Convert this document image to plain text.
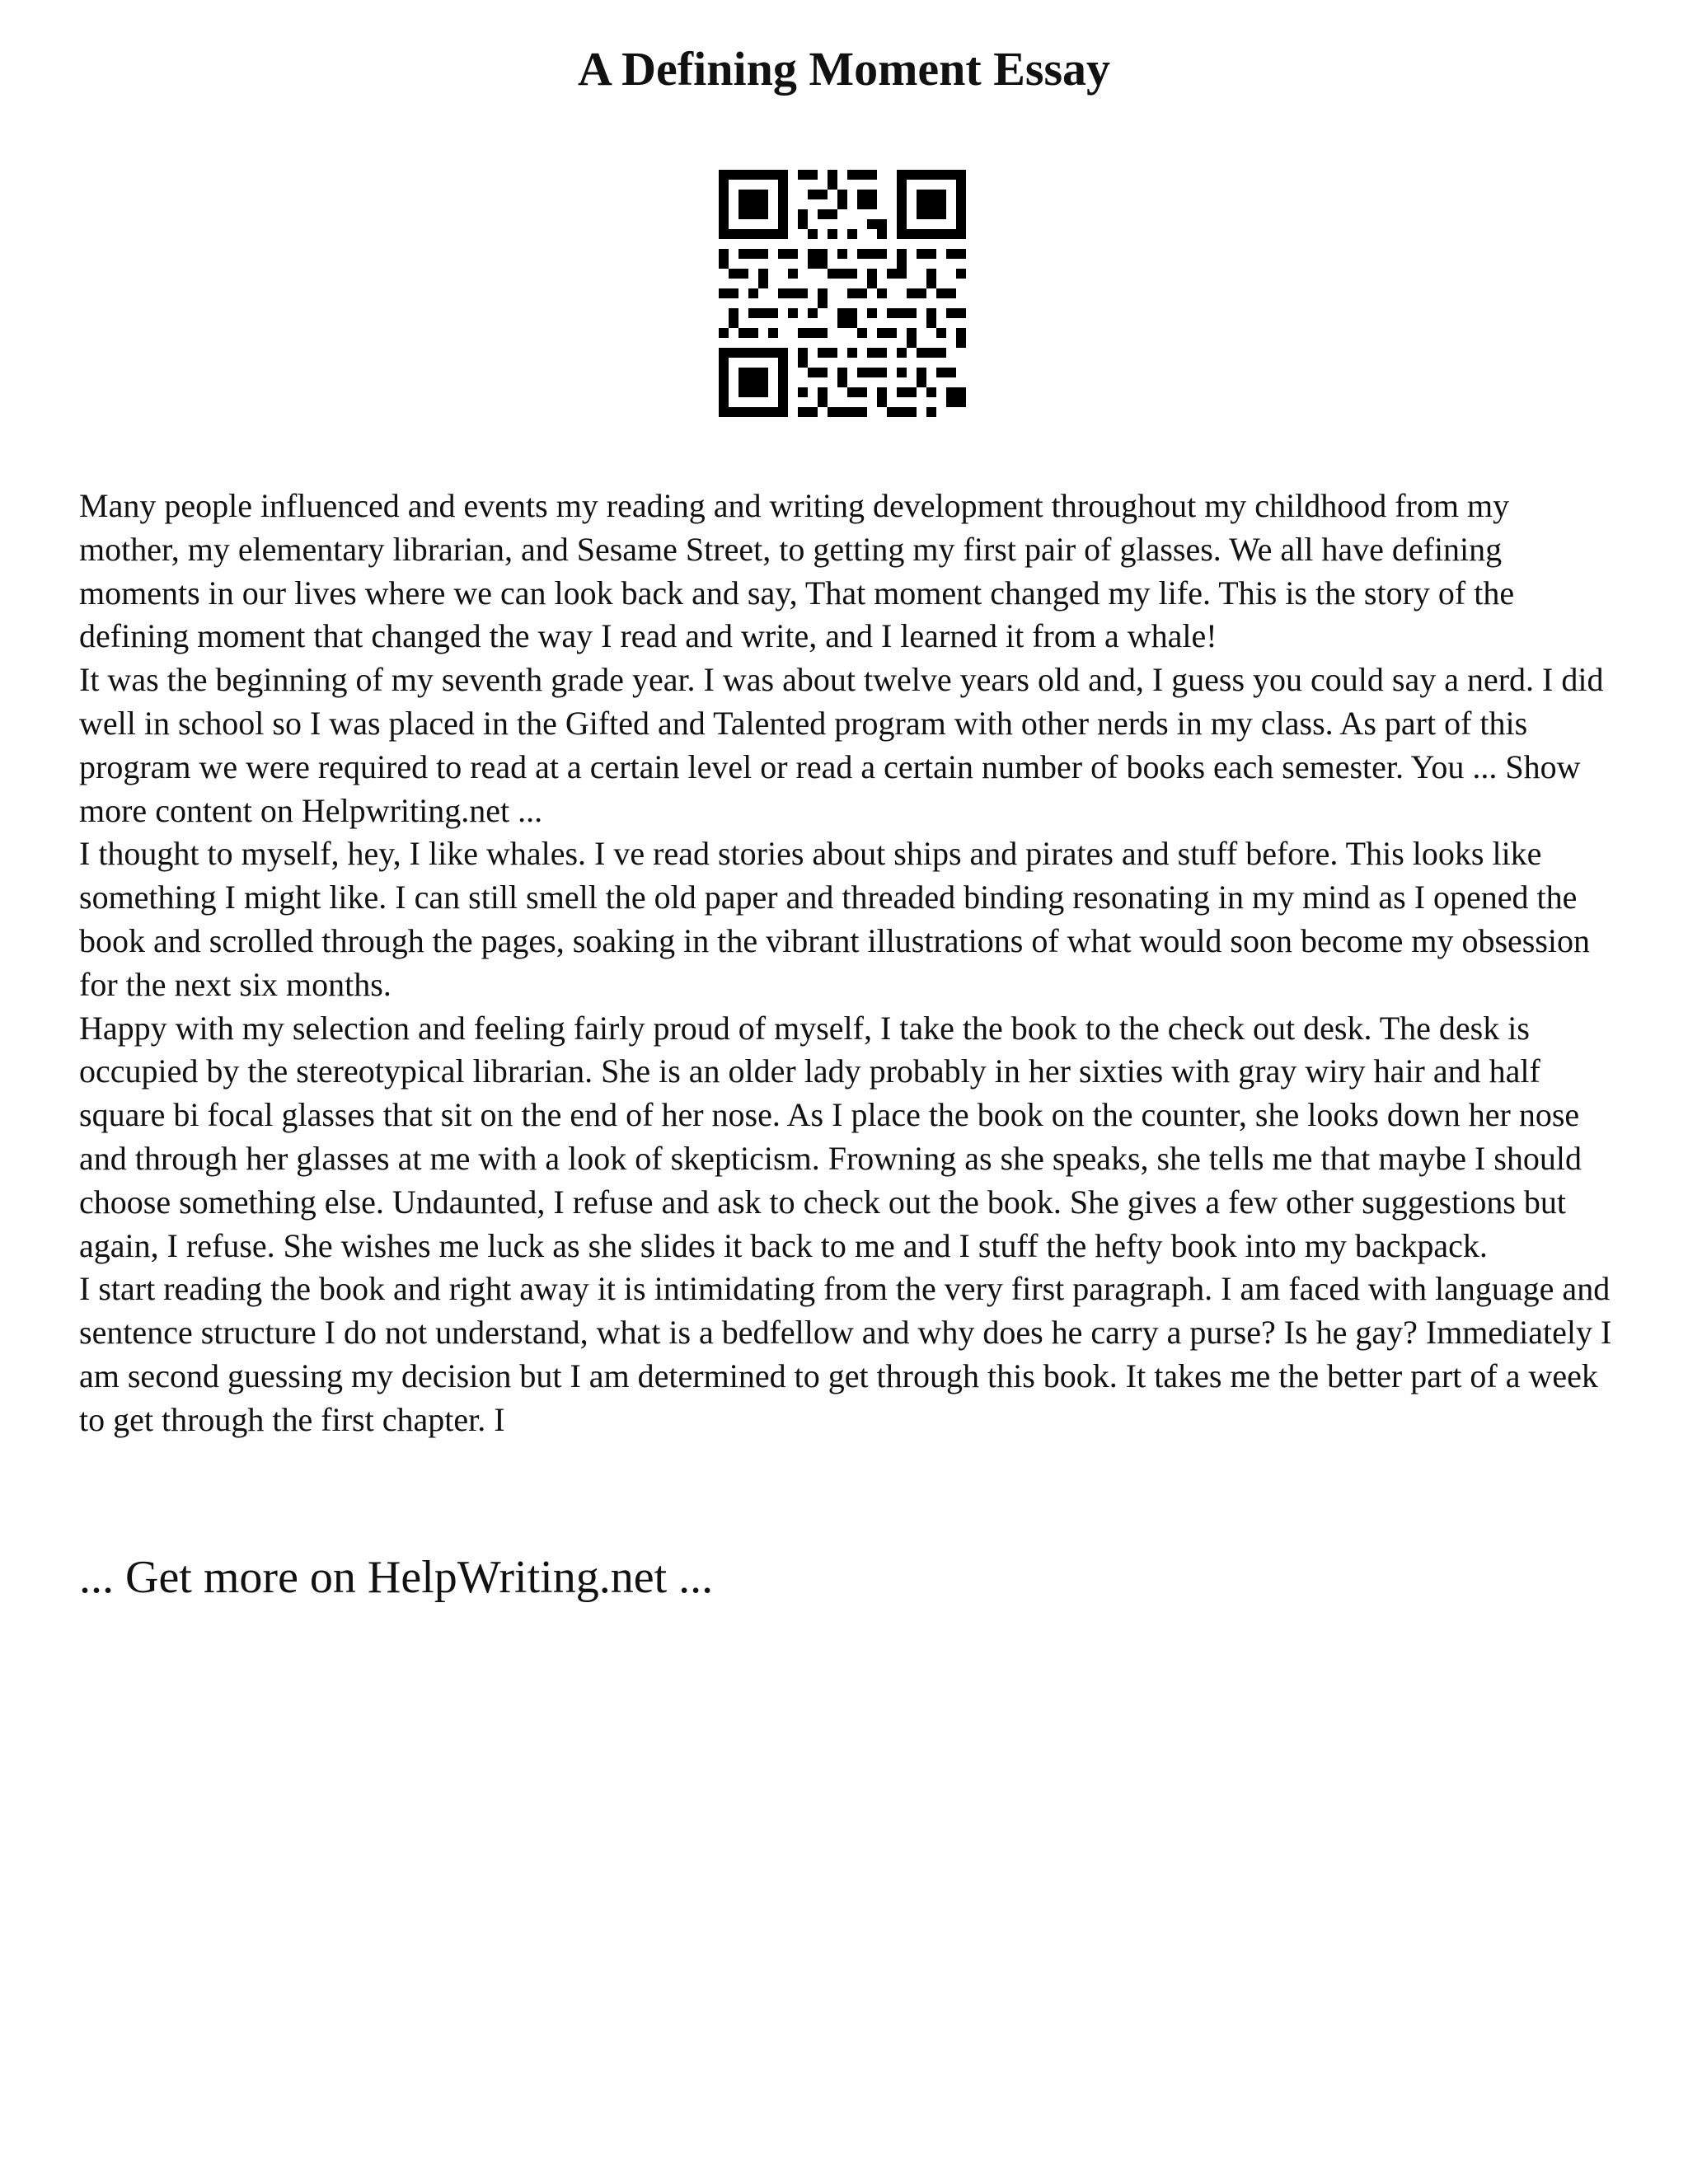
A Defining Moment Essay

Many people influenced and events my reading and writing development throughout my childhood from my mother, my elementary librarian, and Sesame Street, to getting my first pair of glasses. We all have defining moments in our lives where we can look back and say, That moment changed my life. This is the story of the defining moment that changed the way I read and write, and I learned it from a whale!

It was the beginning of my seventh grade year. I was about twelve years old and, I guess you could say a nerd. I did well in school so I was placed in the Gifted and Talented program with other nerds in my class. As part of this program we were required to read at a certain level or read a certain number of books each semester. You ... Show more content on Helpwriting.net ...

I thought to myself, hey, I like whales. I ve read stories about ships and pirates and stuff before. This looks like something I might like. I can still smell the old paper and threaded binding resonating in my mind as I opened the book and scrolled through the pages, soaking in the vibrant illustrations of what would soon become my obsession for the next six months.

Happy with my selection and feeling fairly proud of myself, I take the book to the check out desk. The desk is occupied by the stereotypical librarian. She is an older lady probably in her sixties with gray wiry hair and half square bi focal glasses that sit on the end of her nose. As I place the book on the counter, she looks down her nose and through her glasses at me with a look of skepticism. Frowning as she speaks, she tells me that maybe I should choose something else. Undaunted, I refuse and ask to check out the book. She gives a few other suggestions but again, I refuse. She wishes me luck as she slides it back to me and I stuff the hefty book into my backpack.

I start reading the book and right away it is intimidating from the very first paragraph. I am faced with language and sentence structure I do not understand, what is a bedfellow and why does he carry a purse? Is he gay? Immediately I am second guessing my decision but I am determined to get through this book. It takes me the better part of a week to get through the first chapter. I

... Get more on HelpWriting.net ...
